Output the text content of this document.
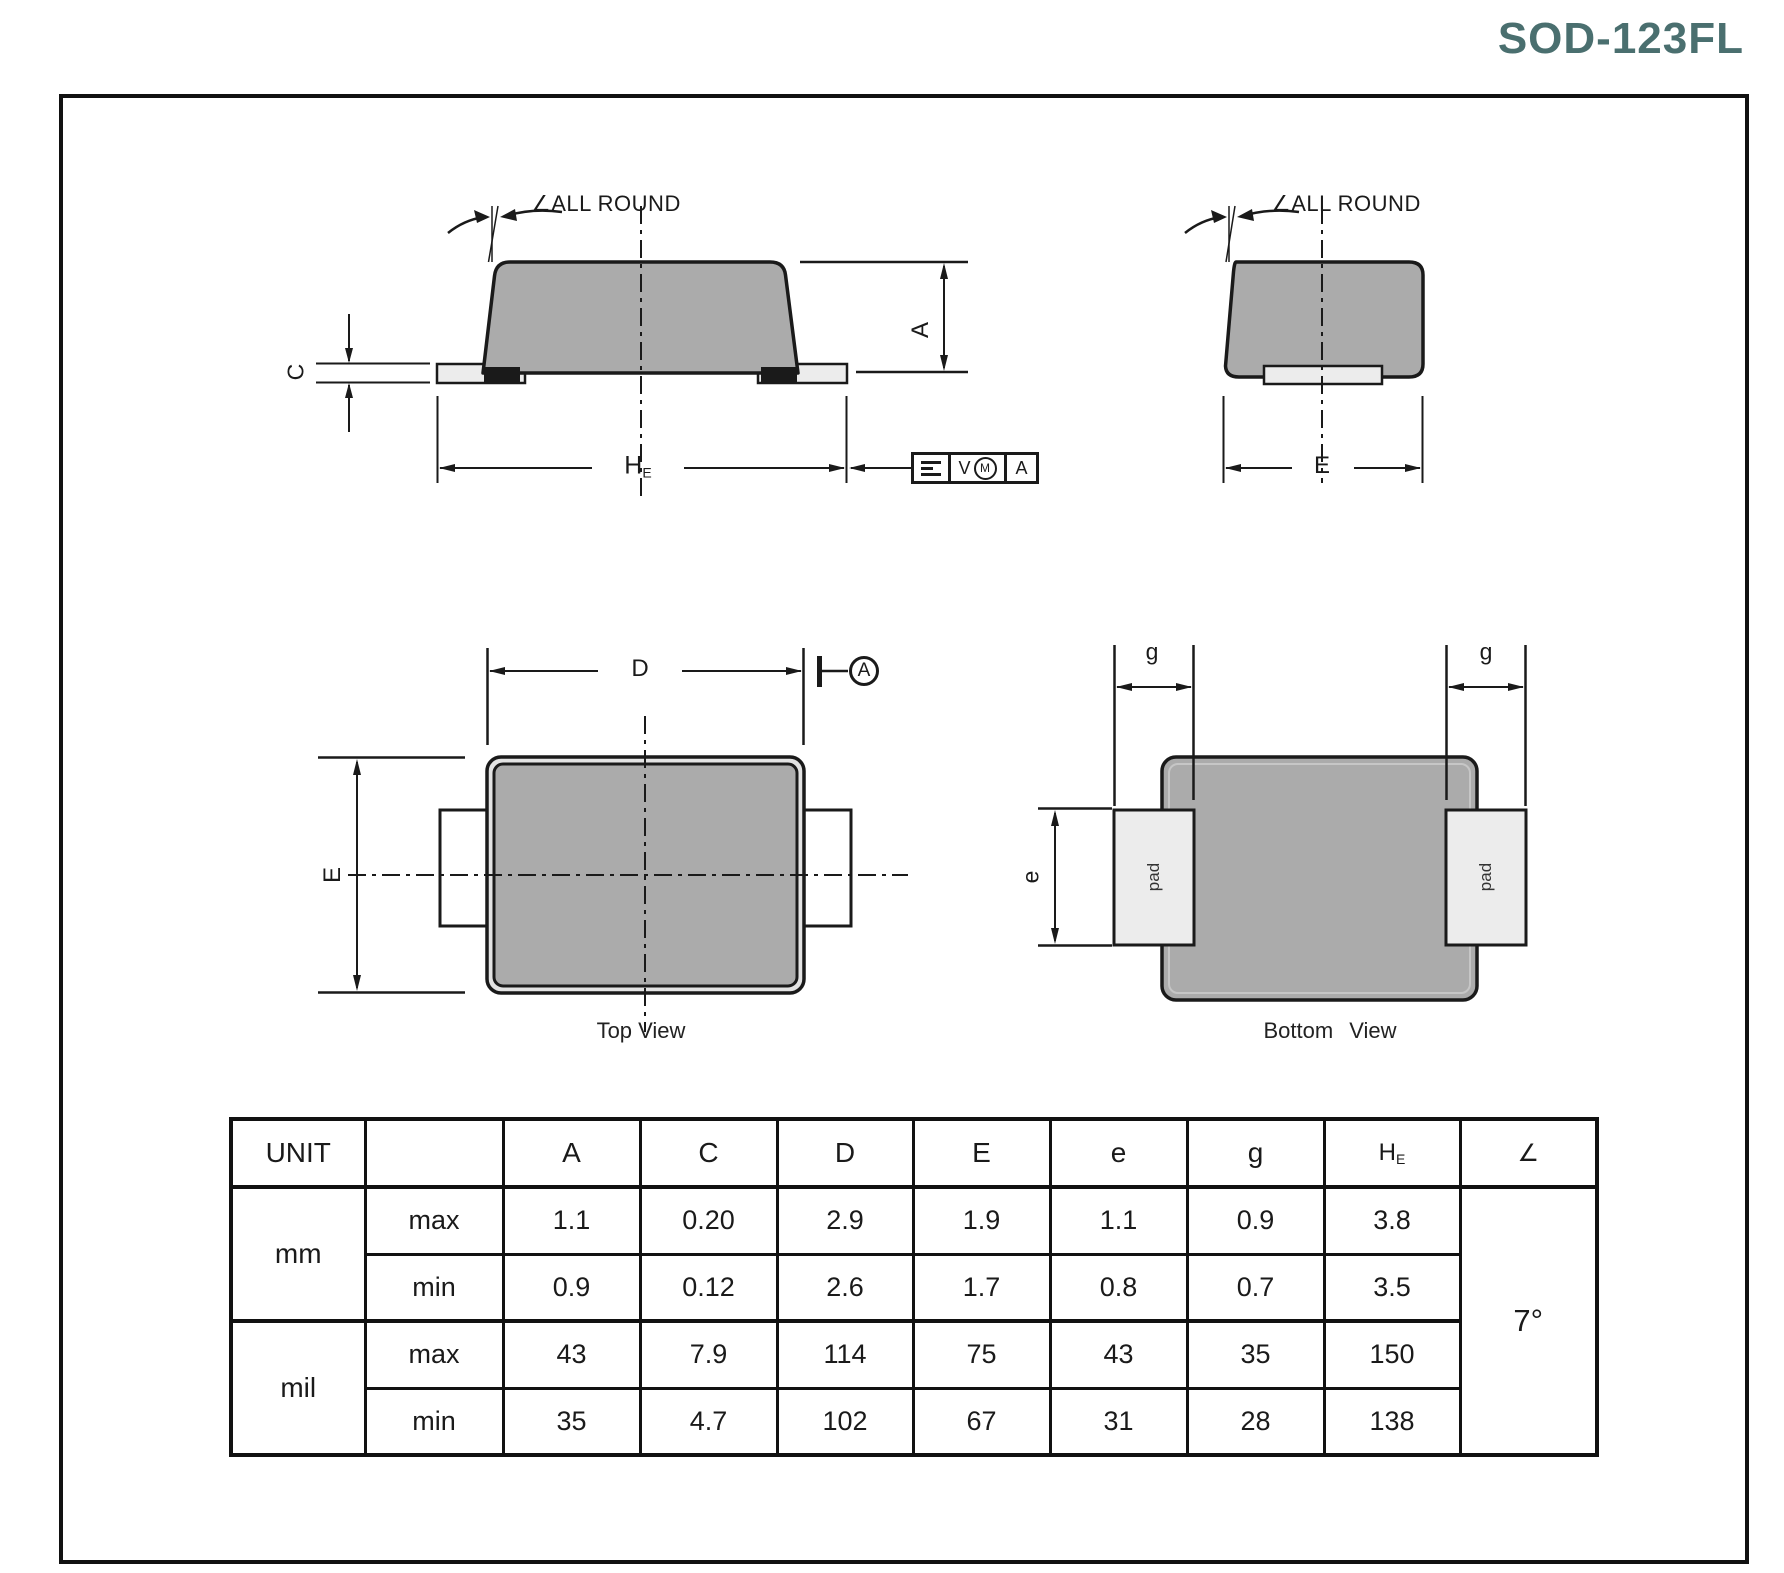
SOD-123FL
∠ALL ROUND	∠ALL ROUND
C
A
$H_E$	V M	A	E
D	A
E
g	g
e	pad	pad
Top View	Bottom View
UNIT		A	C	D	E	e	g	$H_E$	∠
mm	max	1.1	0.20	2.9	1.9	1.1	0.9	3.8	7°
	min	0.9	0.12	2.6	1.7	0.8	0.7	3.5	
mil	max	43	7.9	114	75	43	35	150	
	min	35	4.7	102	67	31	28	138	
